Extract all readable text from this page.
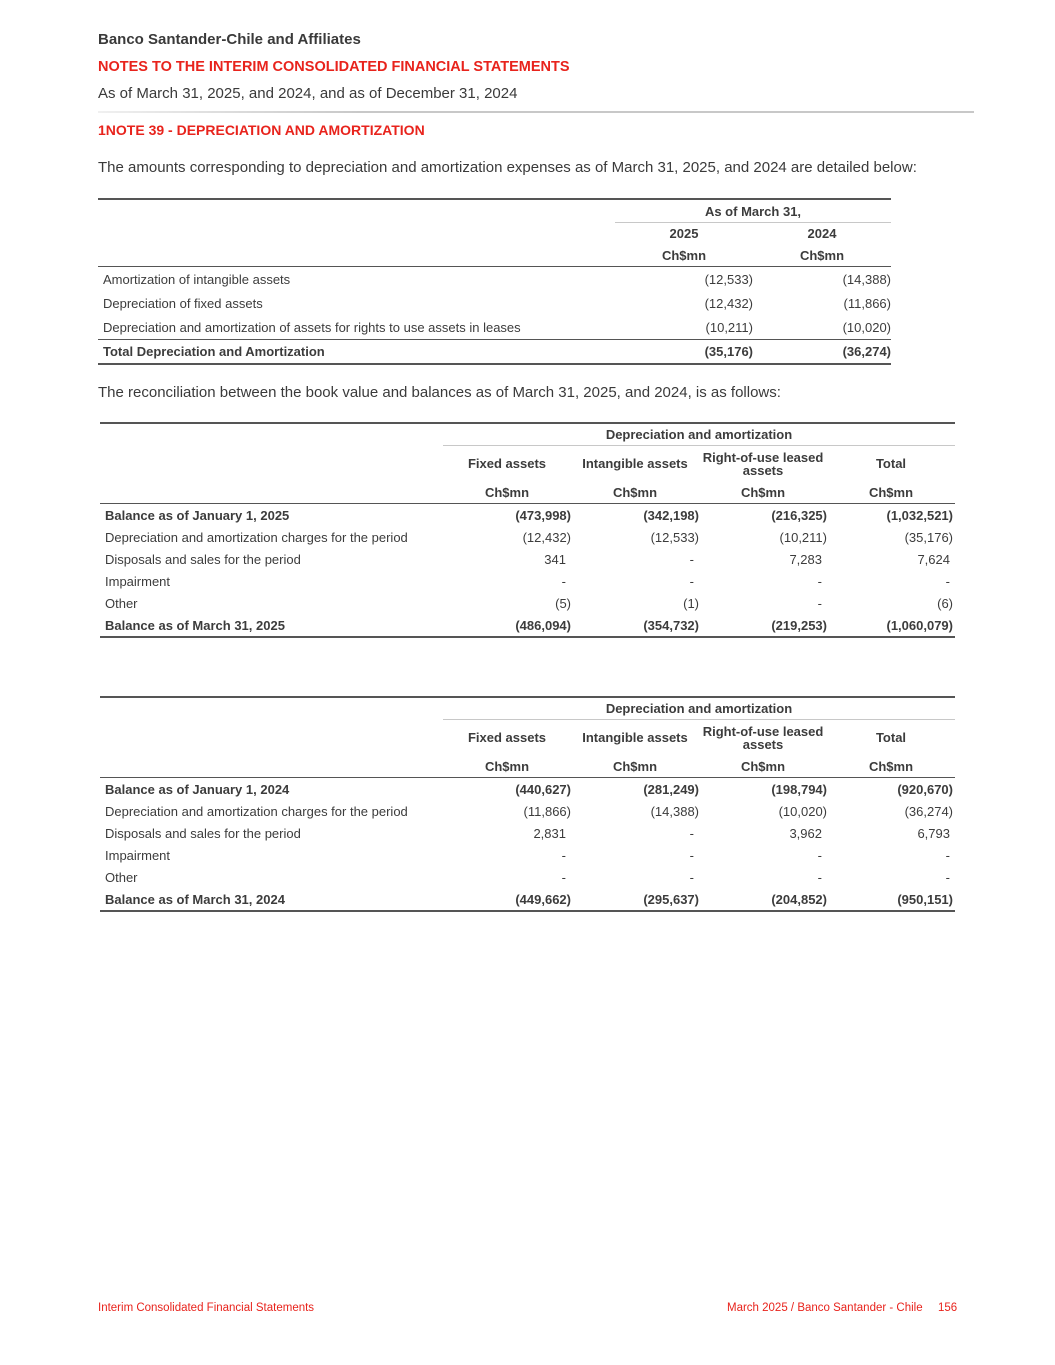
Banco Santander-Chile and Affiliates
NOTES TO THE INTERIM CONSOLIDATED FINANCIAL STATEMENTS
As of March 31, 2025, and 2024, and as of December 31, 2024
1NOTE 39 - DEPRECIATION AND AMORTIZATION
The amounts corresponding to depreciation and amortization expenses as of March 31, 2025, and 2024 are detailed below:
	As of March 31,	
	2025	2024
	Ch$mn	Ch$mn
Amortization of intangible assets	(12,533)	(14,388)
Depreciation of fixed assets	(12,432)	(11,866)
Depreciation and amortization of assets for rights to use assets in leases	(10,211)	(10,020)
Total Depreciation and Amortization	(35,176)	(36,274)
The reconciliation between the book value and balances as of March 31, 2025, and 2024, is as follows:
	Depreciation and amortization			
	Fixed assets	Intangible assets	Right-of-use leased assets	Total
	Ch$mn	Ch$mn	Ch$mn	Ch$mn
Balance as of January 1, 2025	(473,998)	(342,198)	(216,325)	(1,032,521)
Depreciation and amortization charges for the period	(12,432)	(12,533)	(10,211)	(35,176)
Disposals and sales for the period	341	-	7,283	7,624
Impairment	-	-	-	-
Other	(5)	(1)	-	(6)
Balance as of March 31, 2025	(486,094)	(354,732)	(219,253)	(1,060,079)
	Depreciation and amortization			
	Fixed assets	Intangible assets	Right-of-use leased assets	Total
	Ch$mn	Ch$mn	Ch$mn	Ch$mn
Balance as of January 1, 2024	(440,627)	(281,249)	(198,794)	(920,670)
Depreciation and amortization charges for the period	(11,866)	(14,388)	(10,020)	(36,274)
Disposals and sales for the period	2,831	-	3,962	6,793
Impairment	-	-	-	-
Other	-	-	-	-
Balance as of March 31, 2024	(449,662)	(295,637)	(204,852)	(950,151)
Interim Consolidated Financial Statements	March 2025 / Banco Santander - Chile 156
